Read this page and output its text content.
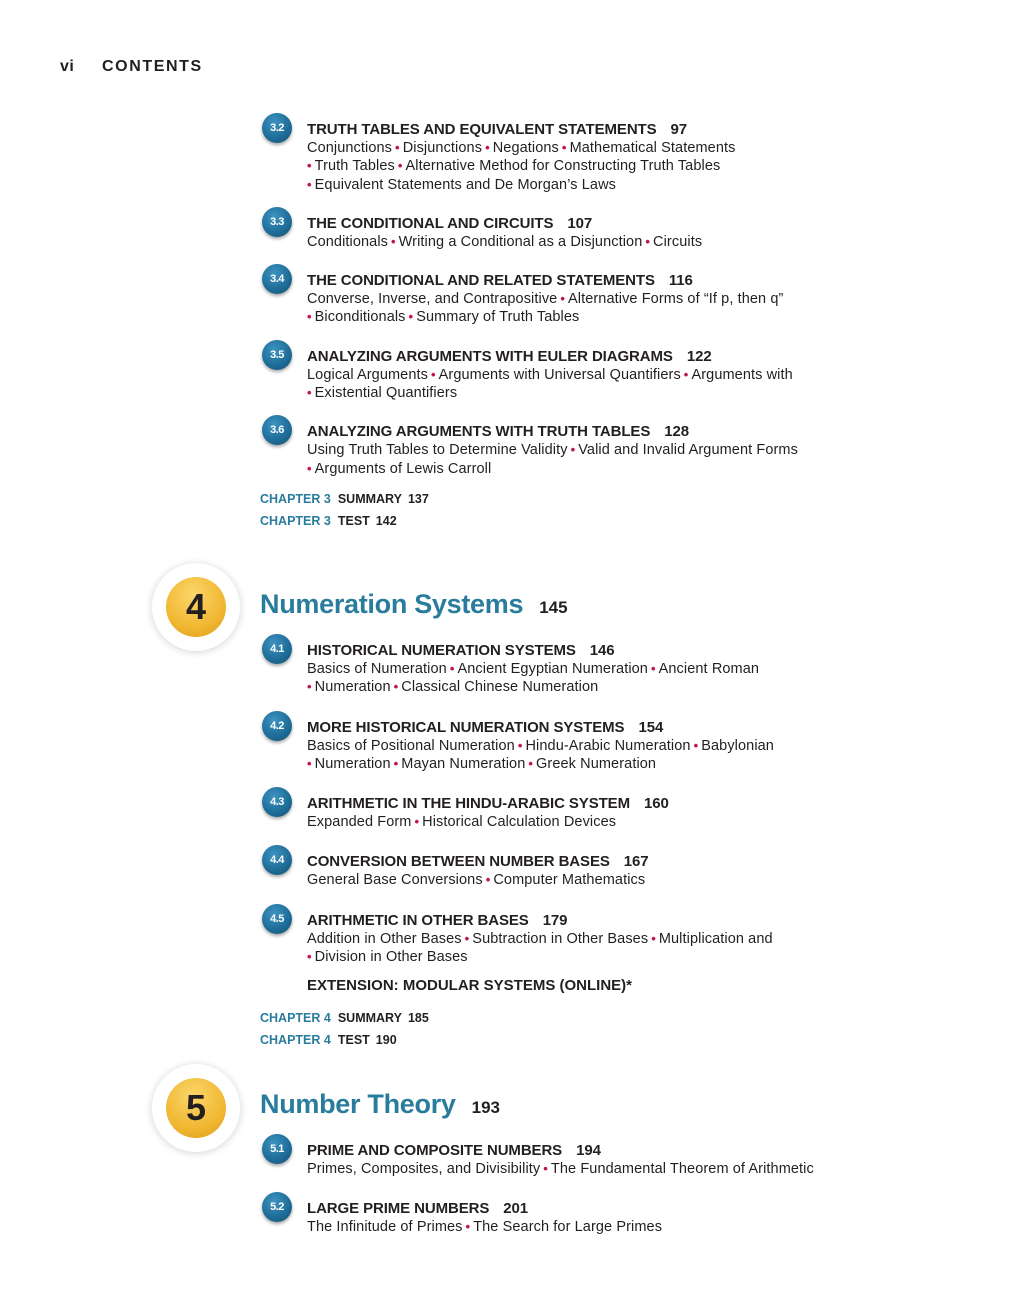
vi CONTENTS
3.2	TRUTH TABLES AND EQUIVALENT STATEMENTS 97
Conjunctions • Disjunctions • Negations • Mathematical Statements
• Truth Tables • Alternative Method for Constructing Truth Tables
• Equivalent Statements and De Morgan’s Laws
3.3	THE CONDITIONAL AND CIRCUITS 107
Conditionals • Writing a Conditional as a Disjunction • Circuits
3.4	THE CONDITIONAL AND RELATED STATEMENTS 116
Converse, Inverse, and Contrapositive • Alternative Forms of “If p, then q”
• Biconditionals • Summary of Truth Tables
3.5	ANALYZING ARGUMENTS WITH EULER DIAGRAMS 122
Logical Arguments • Arguments with Universal Quantifiers • Arguments with
• Existential Quantifiers
3.6	ANALYZING ARGUMENTS WITH TRUTH TABLES 128
Using Truth Tables to Determine Validity • Valid and Invalid Argument Forms
• Arguments of Lewis Carroll
CHAPTER 3 SUMMARY 137
CHAPTER 3 TEST 142
4	Numeration Systems 145
4.1	HISTORICAL NUMERATION SYSTEMS 146
Basics of Numeration • Ancient Egyptian Numeration • Ancient Roman
• Numeration • Classical Chinese Numeration
4.2	MORE HISTORICAL NUMERATION SYSTEMS 154
Basics of Positional Numeration • Hindu-Arabic Numeration • Babylonian
• Numeration • Mayan Numeration • Greek Numeration
4.3	ARITHMETIC IN THE HINDU-ARABIC SYSTEM 160
Expanded Form • Historical Calculation Devices
4.4	CONVERSION BETWEEN NUMBER BASES 167
General Base Conversions • Computer Mathematics
4.5	ARITHMETIC IN OTHER BASES 179
Addition in Other Bases • Subtraction in Other Bases • Multiplication and
• Division in Other Bases
EXTENSION: MODULAR SYSTEMS (ONLINE)*
CHAPTER 4 SUMMARY 185
CHAPTER 4 TEST 190
5	Number Theory 193
5.1	PRIME AND COMPOSITE NUMBERS 194
Primes, Composites, and Divisibility • The Fundamental Theorem of Arithmetic
5.2	LARGE PRIME NUMBERS 201
The Infinitude of Primes • The Search for Large Primes
